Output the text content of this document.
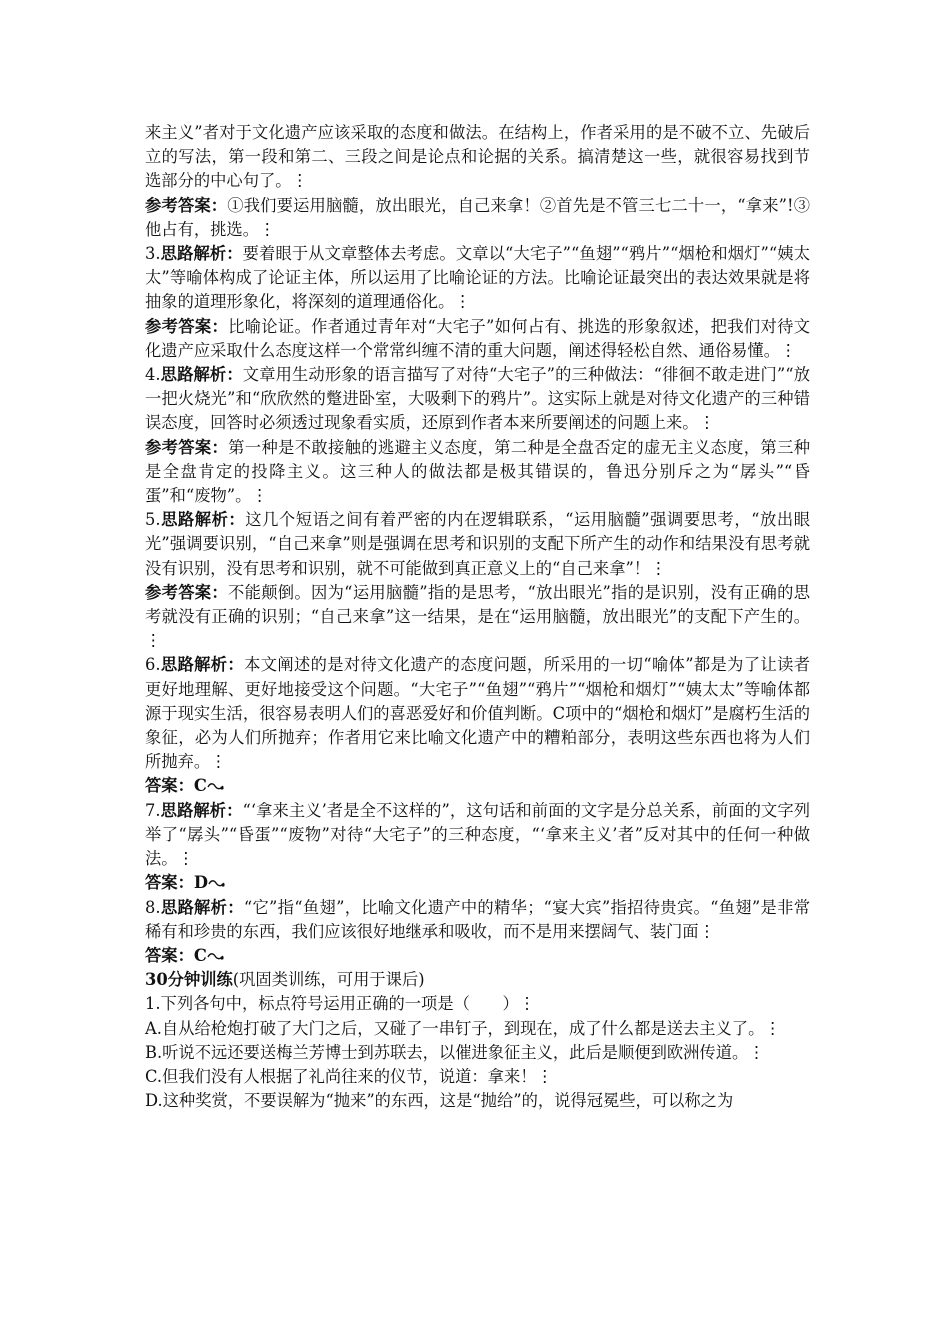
来主义”者对于文化遗产应该采取的态度和做法。在结构上，作者采用的是不破不立、先破后立的写法，第一段和第二、三段之间是论点和论据的关系。搞清楚这一些，就很容易找到节选部分的中心句了。⋮

参考答案：①我们要运用脑髓，放出眼光，自己来拿！②首先是不管三七二十一，“拿来”!③他占有，挑选。⋮

3.思路解析：要着眼于从文章整体去考虑。文章以“大宅子”“鱼翅”“鸦片”“烟枪和烟灯”“姨太太”等喻体构成了论证主体，所以运用了比喻论证的方法。比喻论证最突出的表达效果就是将抽象的道理形象化，将深刻的道理通俗化。⋮

参考答案：比喻论证。作者通过青年对“大宅子”如何占有、挑选的形象叙述，把我们对待文化遗产应采取什么态度这样一个常常纠缠不清的重大问题，阐述得轻松自然、通俗易懂。⋮

4.思路解析：文章用生动形象的语言描写了对待“大宅子”的三种做法：“徘徊不敢走进门”“放一把火烧光”和“欣欣然的蹩进卧室，大吸剩下的鸦片”。这实际上就是对待文化遗产的三种错误态度，回答时必须透过现象看实质，还原到作者本来所要阐述的问题上来。⋮

参考答案：第一种是不敢接触的逃避主义态度，第二种是全盘否定的虚无主义态度，第三种是全盘肯定的投降主义。这三种人的做法都是极其错误的，鲁迅分别斥之为“孱头”“昏蛋”和“废物”。⋮

5.思路解析：这几个短语之间有着严密的内在逻辑联系，“运用脑髓”强调要思考，“放出眼光”强调要识别，“自己来拿”则是强调在思考和识别的支配下所产生的动作和结果没有思考就没有识别，没有思考和识别，就不可能做到真正意义上的“自己来拿”！⋮

参考答案：不能颠倒。因为“运用脑髓”指的是思考，“放出眼光”指的是识别，没有正确的思考就没有正确的识别；“自己来拿”这一结果，是在“运用脑髓，放出眼光”的支配下产生的。⋮

6.思路解析：本文阐述的是对待文化遗产的态度问题，所采用的一切“喻体”都是为了让读者更好地理解、更好地接受这个问题。“大宅子”“鱼翅”“鸦片”“烟枪和烟灯”“姨太太”等喻体都源于现实生活，很容易表明人们的喜恶爱好和价值判断。C项中的“烟枪和烟灯”是腐朽生活的象征，必为人们所抛弃；作者用它来比喻文化遗产中的糟粕部分，表明这些东西也将为人们所抛弃。⋮

答案：C

7.思路解析：“‘拿来主义’者是全不这样的”，这句话和前面的文字是分总关系，前面的文字列举了“孱头”“昏蛋”“废物”对待“大宅子”的三种态度，“‘拿来主义’者”反对其中的任何一种做法。⋮

答案：D

8.思路解析：“它”指“鱼翅”，比喻文化遗产中的精华；“宴大宾”指招待贵宾。“鱼翅”是非常稀有和珍贵的东西，我们应该很好地继承和吸收，而不是用来摆阔气、装门面⋮

答案：C

30分钟训练(巩固类训练，可用于课后)

1.下列各句中，标点符号运用正确的一项是（　　）⋮

A.自从给枪炮打破了大门之后，又碰了一串钉子，到现在，成了什么都是送去主义了。⋮

B.听说不远还要送梅兰芳博士到苏联去，以催进象征主义，此后是顺便到欧洲传道。⋮

C.但我们没有人根据了礼尚往来的仪节，说道：拿来！⋮

D.这种奖赏，不要误解为“抛来”的东西，这是“抛给”的，说得冠冕些，可以称之为
